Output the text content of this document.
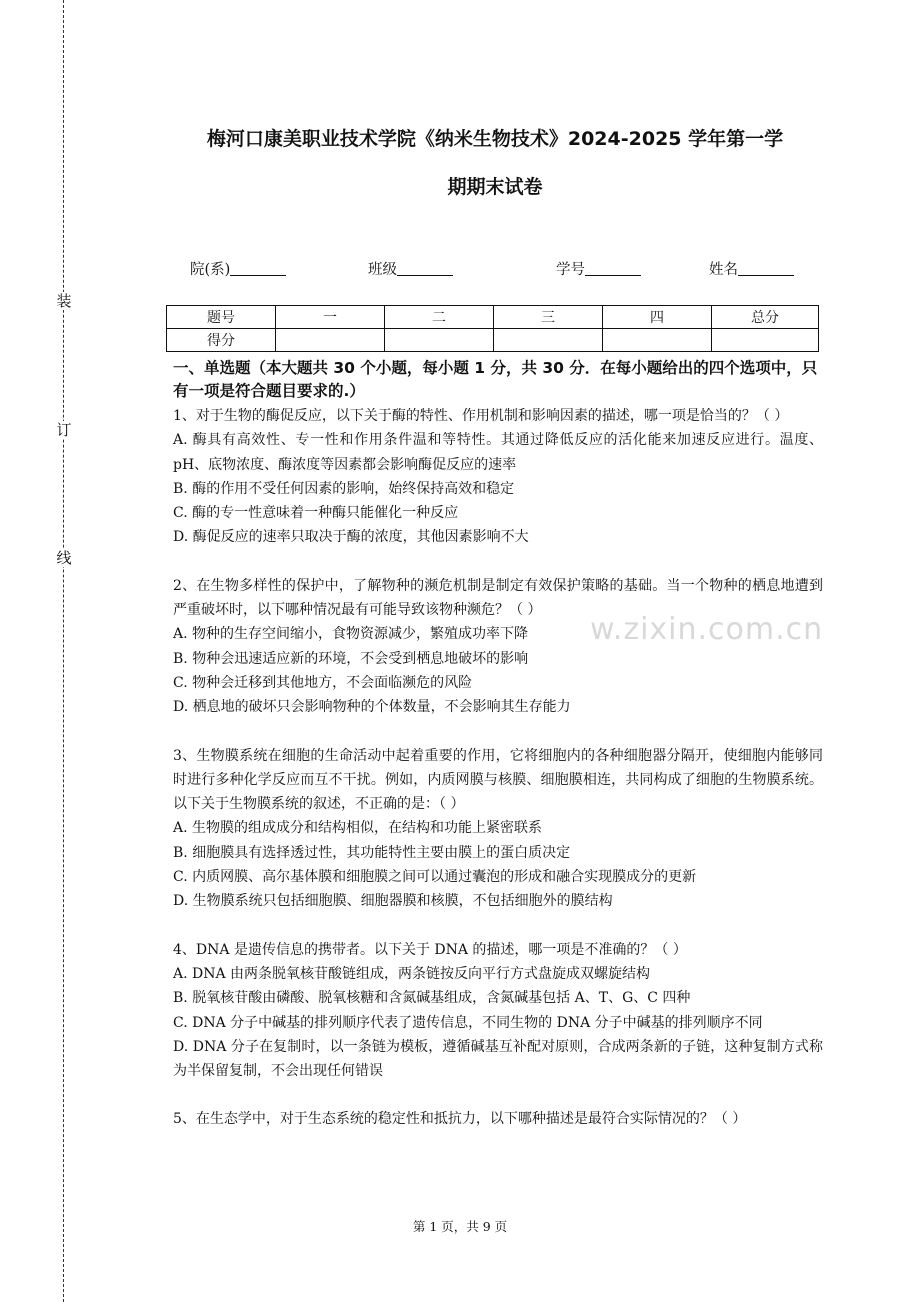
装
订
线
梅河口康美职业技术学院《纳米生物技术》2024-2025 学年第一学
期期末试卷
院(系)	班级	学号	姓名
题号	一	二	三	四	总分
得分					
一、单选题（本大题共 30 个小题，每小题 1 分，共 30 分．在每小题给出的四个选项中，只有一项是符合题目要求的.）
w.zixin.com.cn

1、对于生物的酶促反应，以下关于酶的特性、作用机制和影响因素的描述，哪一项是恰当的？（ ）

A. 酶具有高效性、专一性和作用条件温和等特性。其通过降低反应的活化能来加速反应进行。温度、pH、底物浓度、酶浓度等因素都会影响酶促反应的速率

B. 酶的作用不受任何因素的影响，始终保持高效和稳定

C. 酶的专一性意味着一种酶只能催化一种反应

D. 酶促反应的速率只取决于酶的浓度，其他因素影响不大

2、在生物多样性的保护中，了解物种的濒危机制是制定有效保护策略的基础。当一个物种的栖息地遭到严重破坏时，以下哪种情况最有可能导致该物种濒危？（ ）

A. 物种的生存空间缩小，食物资源减少，繁殖成功率下降

B. 物种会迅速适应新的环境，不会受到栖息地破坏的影响

C. 物种会迁移到其他地方，不会面临濒危的风险

D. 栖息地的破坏只会影响物种的个体数量，不会影响其生存能力

3、生物膜系统在细胞的生命活动中起着重要的作用，它将细胞内的各种细胞器分隔开，使细胞内能够同时进行多种化学反应而互不干扰。例如，内质网膜与核膜、细胞膜相连，共同构成了细胞的生物膜系统。以下关于生物膜系统的叙述，不正确的是：（ ）

A. 生物膜的组成成分和结构相似，在结构和功能上紧密联系

B. 细胞膜具有选择透过性，其功能特性主要由膜上的蛋白质决定

C. 内质网膜、高尔基体膜和细胞膜之间可以通过囊泡的形成和融合实现膜成分的更新

D. 生物膜系统只包括细胞膜、细胞器膜和核膜，不包括细胞外的膜结构

4、DNA 是遗传信息的携带者。以下关于 DNA 的描述，哪一项是不准确的？（ ）

A. DNA 由两条脱氧核苷酸链组成，两条链按反向平行方式盘旋成双螺旋结构

B. 脱氧核苷酸由磷酸、脱氧核糖和含氮碱基组成，含氮碱基包括 A、T、G、C 四种

C. DNA 分子中碱基的排列顺序代表了遗传信息，不同生物的 DNA 分子中碱基的排列顺序不同

D. DNA 分子在复制时，以一条链为模板，遵循碱基互补配对原则，合成两条新的子链，这种复制方式称为半保留复制，不会出现任何错误

5、在生态学中，对于生态系统的稳定性和抵抗力，以下哪种描述是最符合实际情况的？（ ）

第 1 页，共 9 页
